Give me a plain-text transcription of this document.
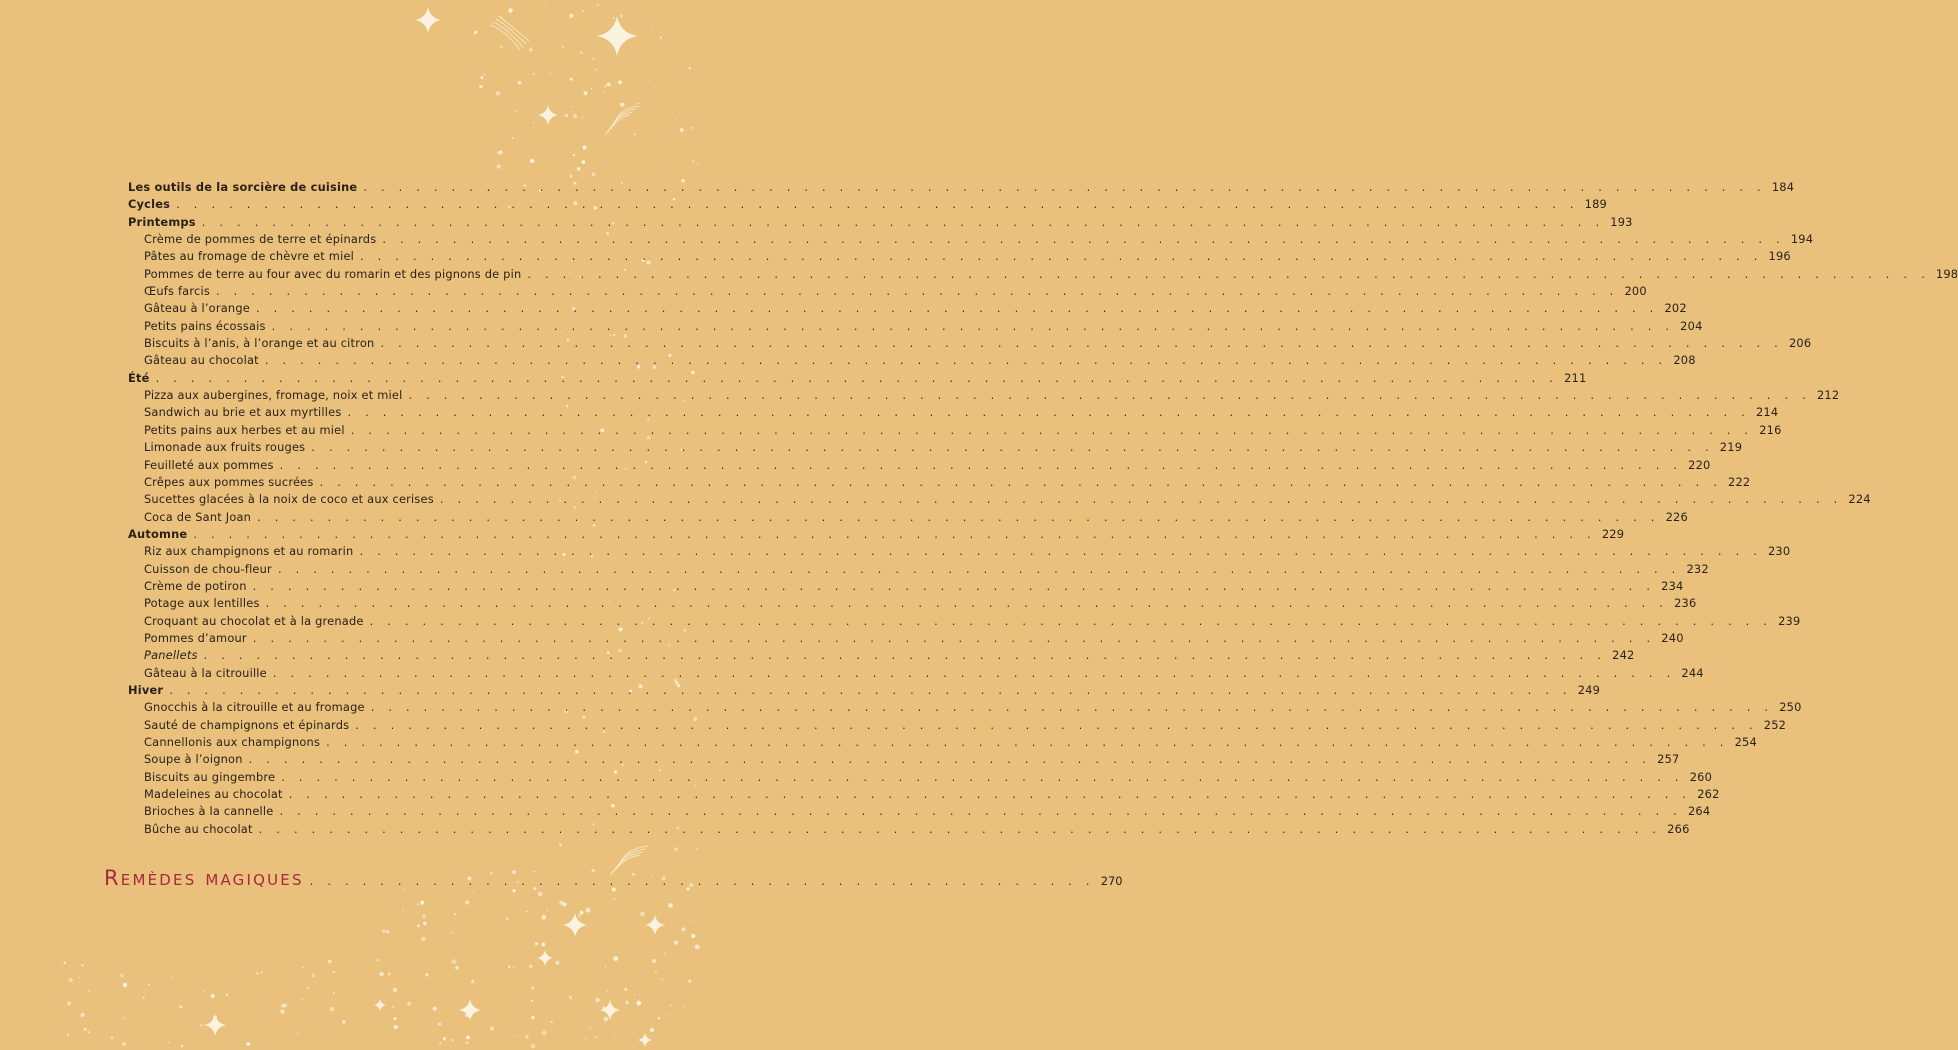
Les outils de la sorcière de cuisine . . . . . . . . . . . . . . . . . . . . . . . . . . . . . . . . . . . . . . . . . . . . . . . . . . . . . . . . . . . . . . . . . . . . . . . . . . . . . . . . 184
Cycles . . . . . . . . . . . . . . . . . . . . . . . . . . . . . . . . . . . . . . . . . . . . . . . . . . . . . . . . . . . . . . . . . . . . . . . . . . . . . . . . 189
Printemps . . . . . . . . . . . . . . . . . . . . . . . . . . . . . . . . . . . . . . . . . . . . . . . . . . . . . . . . . . . . . . . . . . . . . . . . . . . . . . . . 193
Crème de pommes de terre et épinards . . . . . . . . . . . . . . . . . . . . . . . . . . . . . . . . . . . . . . . . . . . . . . . . . . . . . . . . . . . . . . . . . . . . . . . . . . . . . . . . 194
Pâtes au fromage de chèvre et miel . . . . . . . . . . . . . . . . . . . . . . . . . . . . . . . . . . . . . . . . . . . . . . . . . . . . . . . . . . . . . . . . . . . . . . . . . . . . . . . . 196
Pommes de terre au four avec du romarin et des pignons de pin . . . . . . . . . . . . . . . . . . . . . . . . . . . . . . . . . . . . . . . . . . . . . . . . . . . . . . . . . . . . . . . . . . . . . . . . . . . . . . . . 198
Œufs farcis . . . . . . . . . . . . . . . . . . . . . . . . . . . . . . . . . . . . . . . . . . . . . . . . . . . . . . . . . . . . . . . . . . . . . . . . . . . . . . . . 200
Gâteau à l’orange . . . . . . . . . . . . . . . . . . . . . . . . . . . . . . . . . . . . . . . . . . . . . . . . . . . . . . . . . . . . . . . . . . . . . . . . . . . . . . . . 202
Petits pains écossais . . . . . . . . . . . . . . . . . . . . . . . . . . . . . . . . . . . . . . . . . . . . . . . . . . . . . . . . . . . . . . . . . . . . . . . . . . . . . . . . 204
Biscuits à l’anis, à l’orange et au citron . . . . . . . . . . . . . . . . . . . . . . . . . . . . . . . . . . . . . . . . . . . . . . . . . . . . . . . . . . . . . . . . . . . . . . . . . . . . . . . . 206
Gâteau au chocolat . . . . . . . . . . . . . . . . . . . . . . . . . . . . . . . . . . . . . . . . . . . . . . . . . . . . . . . . . . . . . . . . . . . . . . . . . . . . . . . . 208
Été . . . . . . . . . . . . . . . . . . . . . . . . . . . . . . . . . . . . . . . . . . . . . . . . . . . . . . . . . . . . . . . . . . . . . . . . . . . . . . . . 211
Pizza aux aubergines, fromage, noix et miel . . . . . . . . . . . . . . . . . . . . . . . . . . . . . . . . . . . . . . . . . . . . . . . . . . . . . . . . . . . . . . . . . . . . . . . . . . . . . . . . 212
Sandwich au brie et aux myrtilles . . . . . . . . . . . . . . . . . . . . . . . . . . . . . . . . . . . . . . . . . . . . . . . . . . . . . . . . . . . . . . . . . . . . . . . . . . . . . . . . 214
Petits pains aux herbes et au miel . . . . . . . . . . . . . . . . . . . . . . . . . . . . . . . . . . . . . . . . . . . . . . . . . . . . . . . . . . . . . . . . . . . . . . . . . . . . . . . . 216
Limonade aux fruits rouges . . . . . . . . . . . . . . . . . . . . . . . . . . . . . . . . . . . . . . . . . . . . . . . . . . . . . . . . . . . . . . . . . . . . . . . . . . . . . . . . 219
Feuilleté aux pommes . . . . . . . . . . . . . . . . . . . . . . . . . . . . . . . . . . . . . . . . . . . . . . . . . . . . . . . . . . . . . . . . . . . . . . . . . . . . . . . . 220
Crêpes aux pommes sucrées . . . . . . . . . . . . . . . . . . . . . . . . . . . . . . . . . . . . . . . . . . . . . . . . . . . . . . . . . . . . . . . . . . . . . . . . . . . . . . . . 222
Sucettes glacées à la noix de coco et aux cerises . . . . . . . . . . . . . . . . . . . . . . . . . . . . . . . . . . . . . . . . . . . . . . . . . . . . . . . . . . . . . . . . . . . . . . . . . . . . . . . . 224
Coca de Sant Joan . . . . . . . . . . . . . . . . . . . . . . . . . . . . . . . . . . . . . . . . . . . . . . . . . . . . . . . . . . . . . . . . . . . . . . . . . . . . . . . . 226
Automne . . . . . . . . . . . . . . . . . . . . . . . . . . . . . . . . . . . . . . . . . . . . . . . . . . . . . . . . . . . . . . . . . . . . . . . . . . . . . . . . 229
Riz aux champignons et au romarin . . . . . . . . . . . . . . . . . . . . . . . . . . . . . . . . . . . . . . . . . . . . . . . . . . . . . . . . . . . . . . . . . . . . . . . . . . . . . . . . 230
Cuisson de chou-fleur . . . . . . . . . . . . . . . . . . . . . . . . . . . . . . . . . . . . . . . . . . . . . . . . . . . . . . . . . . . . . . . . . . . . . . . . . . . . . . . . 232
Crème de potiron . . . . . . . . . . . . . . . . . . . . . . . . . . . . . . . . . . . . . . . . . . . . . . . . . . . . . . . . . . . . . . . . . . . . . . . . . . . . . . . . 234
Potage aux lentilles . . . . . . . . . . . . . . . . . . . . . . . . . . . . . . . . . . . . . . . . . . . . . . . . . . . . . . . . . . . . . . . . . . . . . . . . . . . . . . . . 236
Croquant au chocolat et à la grenade . . . . . . . . . . . . . . . . . . . . . . . . . . . . . . . . . . . . . . . . . . . . . . . . . . . . . . . . . . . . . . . . . . . . . . . . . . . . . . . . 239
Pommes d’amour . . . . . . . . . . . . . . . . . . . . . . . . . . . . . . . . . . . . . . . . . . . . . . . . . . . . . . . . . . . . . . . . . . . . . . . . . . . . . . . . 240
Panellets . . . . . . . . . . . . . . . . . . . . . . . . . . . . . . . . . . . . . . . . . . . . . . . . . . . . . . . . . . . . . . . . . . . . . . . . . . . . . . . . 242
Gâteau à la citrouille . . . . . . . . . . . . . . . . . . . . . . . . . . . . . . . . . . . . . . . . . . . . . . . . . . . . . . . . . . . . . . . . . . . . . . . . . . . . . . . . 244
Hiver . . . . . . . . . . . . . . . . . . . . . . . . . . . . . . . . . . . . . . . . . . . . . . . . . . . . . . . . . . . . . . . . . . . . . . . . . . . . . . . . 249
Gnocchis à la citrouille et au fromage . . . . . . . . . . . . . . . . . . . . . . . . . . . . . . . . . . . . . . . . . . . . . . . . . . . . . . . . . . . . . . . . . . . . . . . . . . . . . . . . 250
Sauté de champignons et épinards . . . . . . . . . . . . . . . . . . . . . . . . . . . . . . . . . . . . . . . . . . . . . . . . . . . . . . . . . . . . . . . . . . . . . . . . . . . . . . . . 252
Cannellonis aux champignons . . . . . . . . . . . . . . . . . . . . . . . . . . . . . . . . . . . . . . . . . . . . . . . . . . . . . . . . . . . . . . . . . . . . . . . . . . . . . . . . 254
Soupe à l’oignon . . . . . . . . . . . . . . . . . . . . . . . . . . . . . . . . . . . . . . . . . . . . . . . . . . . . . . . . . . . . . . . . . . . . . . . . . . . . . . . . 257
Biscuits au gingembre . . . . . . . . . . . . . . . . . . . . . . . . . . . . . . . . . . . . . . . . . . . . . . . . . . . . . . . . . . . . . . . . . . . . . . . . . . . . . . . . 260
Madeleines au chocolat . . . . . . . . . . . . . . . . . . . . . . . . . . . . . . . . . . . . . . . . . . . . . . . . . . . . . . . . . . . . . . . . . . . . . . . . . . . . . . . . 262
Brioches à la cannelle . . . . . . . . . . . . . . . . . . . . . . . . . . . . . . . . . . . . . . . . . . . . . . . . . . . . . . . . . . . . . . . . . . . . . . . . . . . . . . . . 264
Bûche au chocolat . . . . . . . . . . . . . . . . . . . . . . . . . . . . . . . . . . . . . . . . . . . . . . . . . . . . . . . . . . . . . . . . . . . . . . . . . . . . . . . . 266
Remèdes magiques . . . . . . . . . . . . . . . . . . . . . . . . . . . . . . . . . . . . . . . . . . . . . 270
